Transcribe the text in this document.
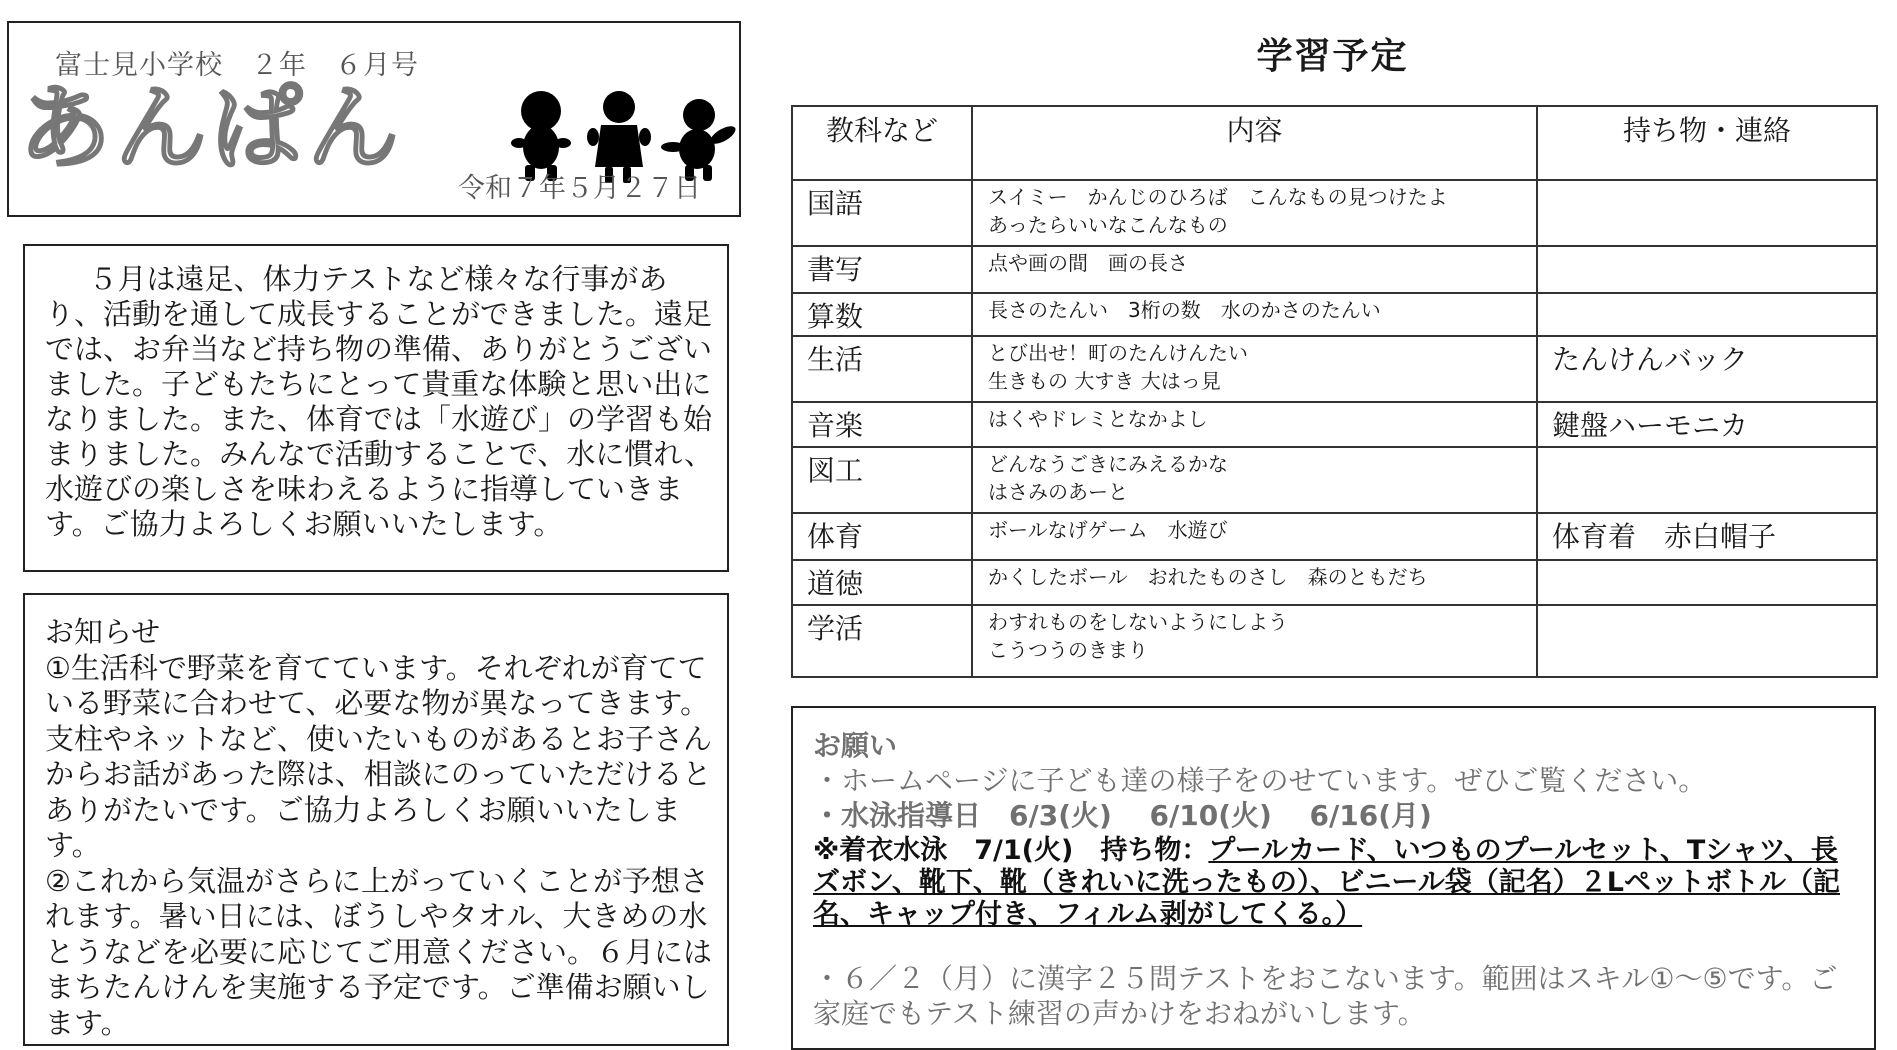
富士見小学校　２年　６月号
あんぱん
令和７年５月２７日

５月は遠足、体力テストなど様々な行事があり、活動を通して成長することができました。遠足では、お弁当など持ち物の準備、ありがとうございました。子どもたちにとって貴重な体験と思い出になりました。また、体育では「水遊び」の学習も始まりました。みんなで活動することで、水に慣れ、水遊びの楽しさを味わえるように指導していきます。ご協力よろしくお願いいたします。

お知らせ

①生活科で野菜を育てています。それぞれが育てている野菜に合わせて、必要な物が異なってきます。支柱やネットなど、使いたいものがあるとお子さんからお話があった際は、相談にのっていただけるとありがたいです。ご協力よろしくお願いいたします。

②これから気温がさらに上がっていくことが予想されます。暑い日には、ぼうしやタオル、大きめの水とうなどを必要に応じてご用意ください。６月にはまちたんけんを実施する予定です。ご準備お願いします。

学習予定
教科など	内容	持ち物・連絡
国語	スイミー　かんじのひろば　こんなもの見つけたよ
あったらいいなこんなもの	

書写	点や画の間　画の長さ	

算数	長さのたんい　3桁の数　水のかさのたんい	

生活	とび出せ！町のたんけんたい
生きもの 大すき 大はっ見	たんけんバック
音楽	はくやドレミとなかよし	鍵盤ハーモニカ
図工	どんなうごきにみえるかな
はさみのあーと	

体育	ボールなげゲーム　水遊び	体育着　赤白帽子
道徳	かくしたボール　おれたものさし　森のともだち	

学活	わすれものをしないようにしよう
こうつうのきまり	

お願い
・ホームページに子ども達の様子をのせています。ぜひご覧ください。
・水泳指導日　6/3(火)　 6/10(火)　 6/16(月)
※着衣水泳　7/1(火)　持ち物：プールカード、いつものプールセット、Tシャツ、長ズボン、靴下、靴（きれいに洗ったもの）、ビニール袋（記名）２Lペットボトル（記名、キャップ付き、フィルム剥がしてくる。）
・６／２（月）に漢字２５問テストをおこないます。範囲はスキル①～⑤です。ご家庭でもテスト練習の声かけをおねがいします。
